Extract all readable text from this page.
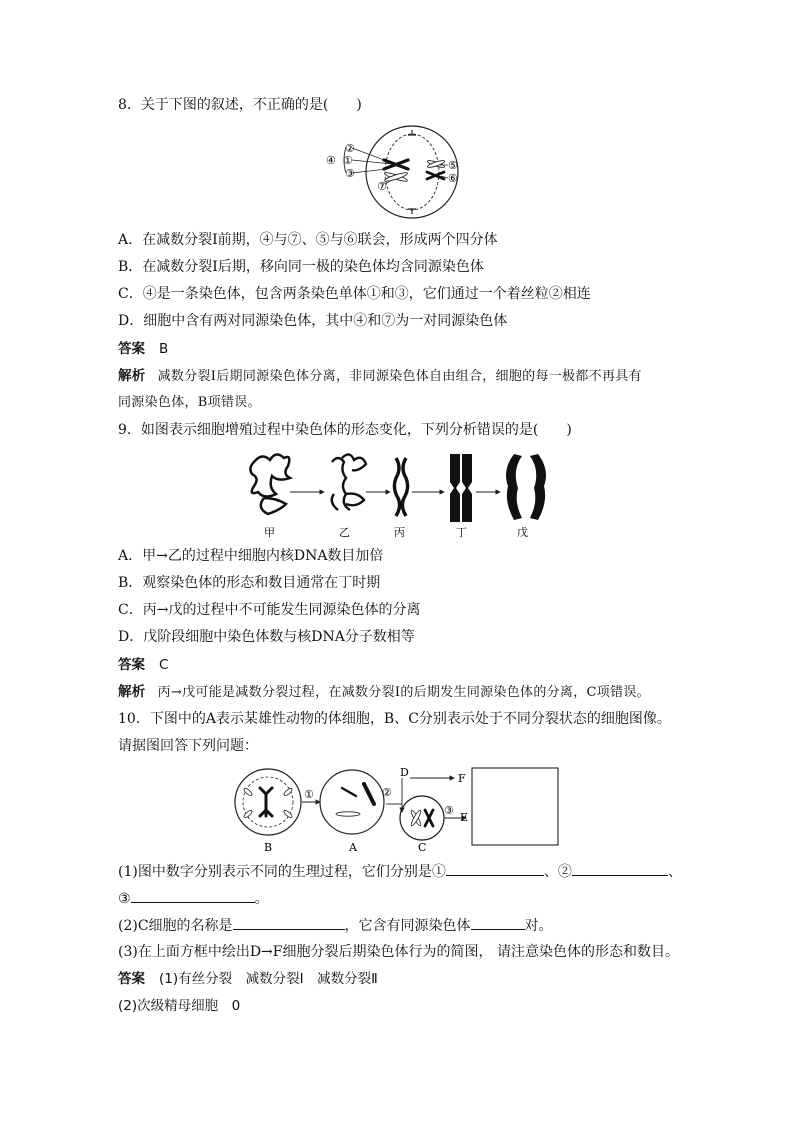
8．关于下图的叙述，不正确的是(　　)
②
①
③
④	⑤
⑥
⑦
A．在减数分裂Ⅰ前期，④与⑦、⑤与⑥联会，形成两个四分体
B．在减数分裂Ⅰ后期，移向同一极的染色体均含同源染色体
C．④是一条染色体，包含两条染色单体①和③，它们通过一个着丝粒②相连
D．细胞中含有两对同源染色体，其中④和⑦为一对同源染色体
答案 B
解析 减数分裂Ⅰ后期同源染色体分离，非同源染色体自由组合，细胞的每一极都不再具有
同源染色体，B项错误。
9．如图表示细胞增殖过程中染色体的形态变化，下列分析错误的是(　　)
甲	乙	丙	丁	戊
A．甲→乙的过程中细胞内核DNA数目加倍
B．观察染色体的形态和数目通常在丁时期
C．丙→戊的过程中不可能发生同源染色体的分离
D．戊阶段细胞中染色体数与核DNA分子数相等
答案 C
解析 丙→戊可能是减数分裂过程，在减数分裂Ⅰ的后期发生同源染色体的分离，C项错误。
10．下图中的A表示某雄性动物的体细胞，B、C分别表示处于不同分裂状态的细胞图像。
请据图回答下列问题：
B	A	C
D	F
E
①	②
③
(1)图中数字分别表示不同的生理过程，它们分别是①	、②	、
③	。
(2)C细胞的名称是	，它含有同源染色体	对。
(3)在上面方框中绘出D→F细胞分裂后期染色体行为的简图， 请注意染色体的形态和数目。
答案 (1)有丝分裂　减数分裂Ⅰ　减数分裂Ⅱ
(2)次级精母细胞　0
